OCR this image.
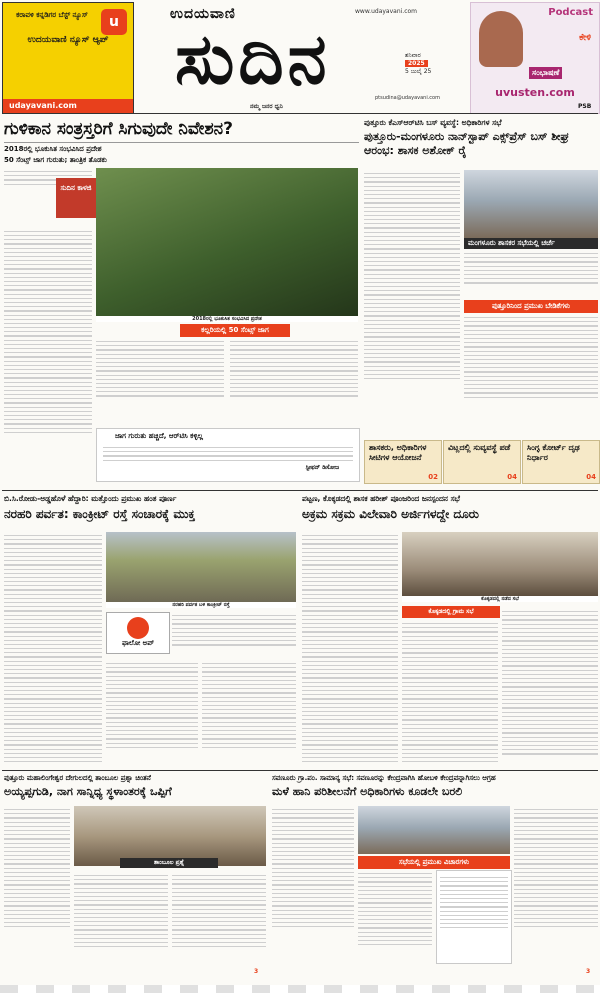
ಕರಾವಳಿ ಕನ್ನಡಿಗರ ಬೆಸ್ಟ್ ನ್ಯೂಸ್	u
ಉದಯವಾಣಿ ನ್ಯೂಸ್ ಆ್ಯಪ್
udayavani.com
ಉದಯವಾಣಿ	www.udayavani.com
ಸುದಿನ	ಶನಿವಾರ
2025
5 ಜುಲೈ 25
ptsudina@udayavani.com
ನಮ್ಮ ಜನರ ಧ್ವನಿ
Podcast
ಕೇಳಿ
ಸಂಭಾಷಣೆ
uvusten.com
PSB
ಗುಳಿಕಾನ ಸಂತ್ರಸ್ತರಿಗೆ ಸಿಗುವುದೇ ನಿವೇಶನ?
2018ರಲ್ಲಿ ಭೂಕುಸಿತ ಸಂಭವಿಸಿದ ಪ್ರದೇಶ
50 ಸೆಂಟ್ಸ್ ಜಾಗ ಗುರುತು; ತಾಂತ್ರಿಕ ತೊಡಕು
ಸುದಿನ ಕಾಳಜಿ
2018ರಲ್ಲಿ ಭೂಕುಸಿತ ಸಂಭವಿಸಿದ ಪ್ರದೇಶ
ಕಲ್ಲರಿಯಲ್ಲಿ 50 ಸೆಂಟ್ಸ್ ಜಾಗ
ಜಾಗ ಗುರುತು ಹಚ್ಚಿದೆ, ಆರ್‌ಟಿಸಿ ಕಳ್ಳಿಲ್ಲ
ಸ್ಟೀಫನ್ ಡಿಸೋಜ
ಪುತ್ತೂರು ಕೆಎಸ್ಆರ್‌ಟಿಸಿ ಬಸ್ ವ್ಯವಸ್ಥೆ: ಅಧಿಕಾರಿಗಳ ಸಭೆ
ಪುತ್ತೂರು-ಮಂಗಳೂರು ನಾನ್‌ಸ್ಟಾಪ್ ಎಕ್ಸ್‌ಪ್ರೆಸ್ ಬಸ್ ಶೀಘ್ರ ಆರಂಭ: ಶಾಸಕ ಅಶೋಕ್ ರೈ
ಮಂಗಳೂರು ಶಾಸಕರ ಸಭೆಯಲ್ಲಿ ಚರ್ಚೆ
ಪುತ್ತೂರಿನಿಂದ ಪ್ರಮುಖ ಬೇಡಿಕೆಗಳು
ಶಾಸಕರು, ಅಧಿಕಾರಿಗಳ ಸೀಟಿಗಳ ಆಯೋಜನೆ
02
ವಿಟ್ಲದಲ್ಲಿ ಸುವ್ಯವಸ್ಥೆ ಪಡೆ
04
ಸಿಂಗ್ಳ ಕೋರ್ಟ್ ದೃಢ ನಿರ್ಧಾರ
04
ಬಿ.ಸಿ.ರೋಡು-ಅಡ್ಡಹೊಳೆ ಹೆದ್ದಾರಿ: ಮತ್ತೊಂದು ಪ್ರಮುಖ ಹಂತ ಪೂರ್ಣ
ನರಹರಿ ಪರ್ವತ: ಕಾಂಕ್ರೀಟ್ ರಸ್ತೆ ಸಂಚಾರಕ್ಕೆ ಮುಕ್ತ
ನರಹರಿ ಪರ್ವತ ಬಳಿ ಕಾಂಕ್ರೀಟ್ ರಸ್ತೆ
ಫಾಲೋ ಅಪ್
ಪಟ್ಟಣ, ಕೊಕ್ಕಡದಲ್ಲಿ ಶಾಸಕ ಹರೀಶ್ ಪೂಂಜರಿಂದ ಜನಸ್ಪಂದನ ಸಭೆ
ಅಕ್ರಮ ಸಕ್ರಮ ವಿಲೇವಾರಿ ಅರ್ಜಿಗಳದ್ದೇ ದೂರು
ಕೊಕ್ಕಡದಲ್ಲಿ ನಡೆದ ಸಭೆ
ಕೊಕ್ಕಡದಲ್ಲಿ ಗ್ರಾಮ ಸಭೆ
ಪುತ್ತೂರು ಮಹಾಲಿಂಗೇಶ್ವರ ದೇಗುಲದಲ್ಲಿ ತಾಂಬೂಲ ಪ್ರಶ್ನಾ ಚಿಂತನೆ
ಅಯ್ಯಪ್ಪಗುಡಿ, ನಾಗ ಸಾನ್ನಿಧ್ಯ ಸ್ಥಳಾಂತರಕ್ಕೆ ಒಪ್ಪಿಗೆ
ತಾಂಬೂಲ ಪ್ರಶ್ನೆ
3
ಸವಣೂರು ಗ್ರಾ.ಪಂ. ಸಾಮಾನ್ಯ ಸಭೆ: ಸವಣೂರನ್ನು ಕೇಂದ್ರವಾಗಿಸಿ ಹೋಬಳಿ ಕೇಂದ್ರವನ್ನಾಗಿಸಲು ಆಗ್ರಹ
ಮಳೆ ಹಾನಿ ಪರಿಶೀಲನೆಗೆ ಅಧಿಕಾರಿಗಳು ಕೂಡಲೇ ಬರಲಿ
ಸಭೆಯಲ್ಲಿ ಪ್ರಮುಖ ವಿಚಾರಗಳು
3
